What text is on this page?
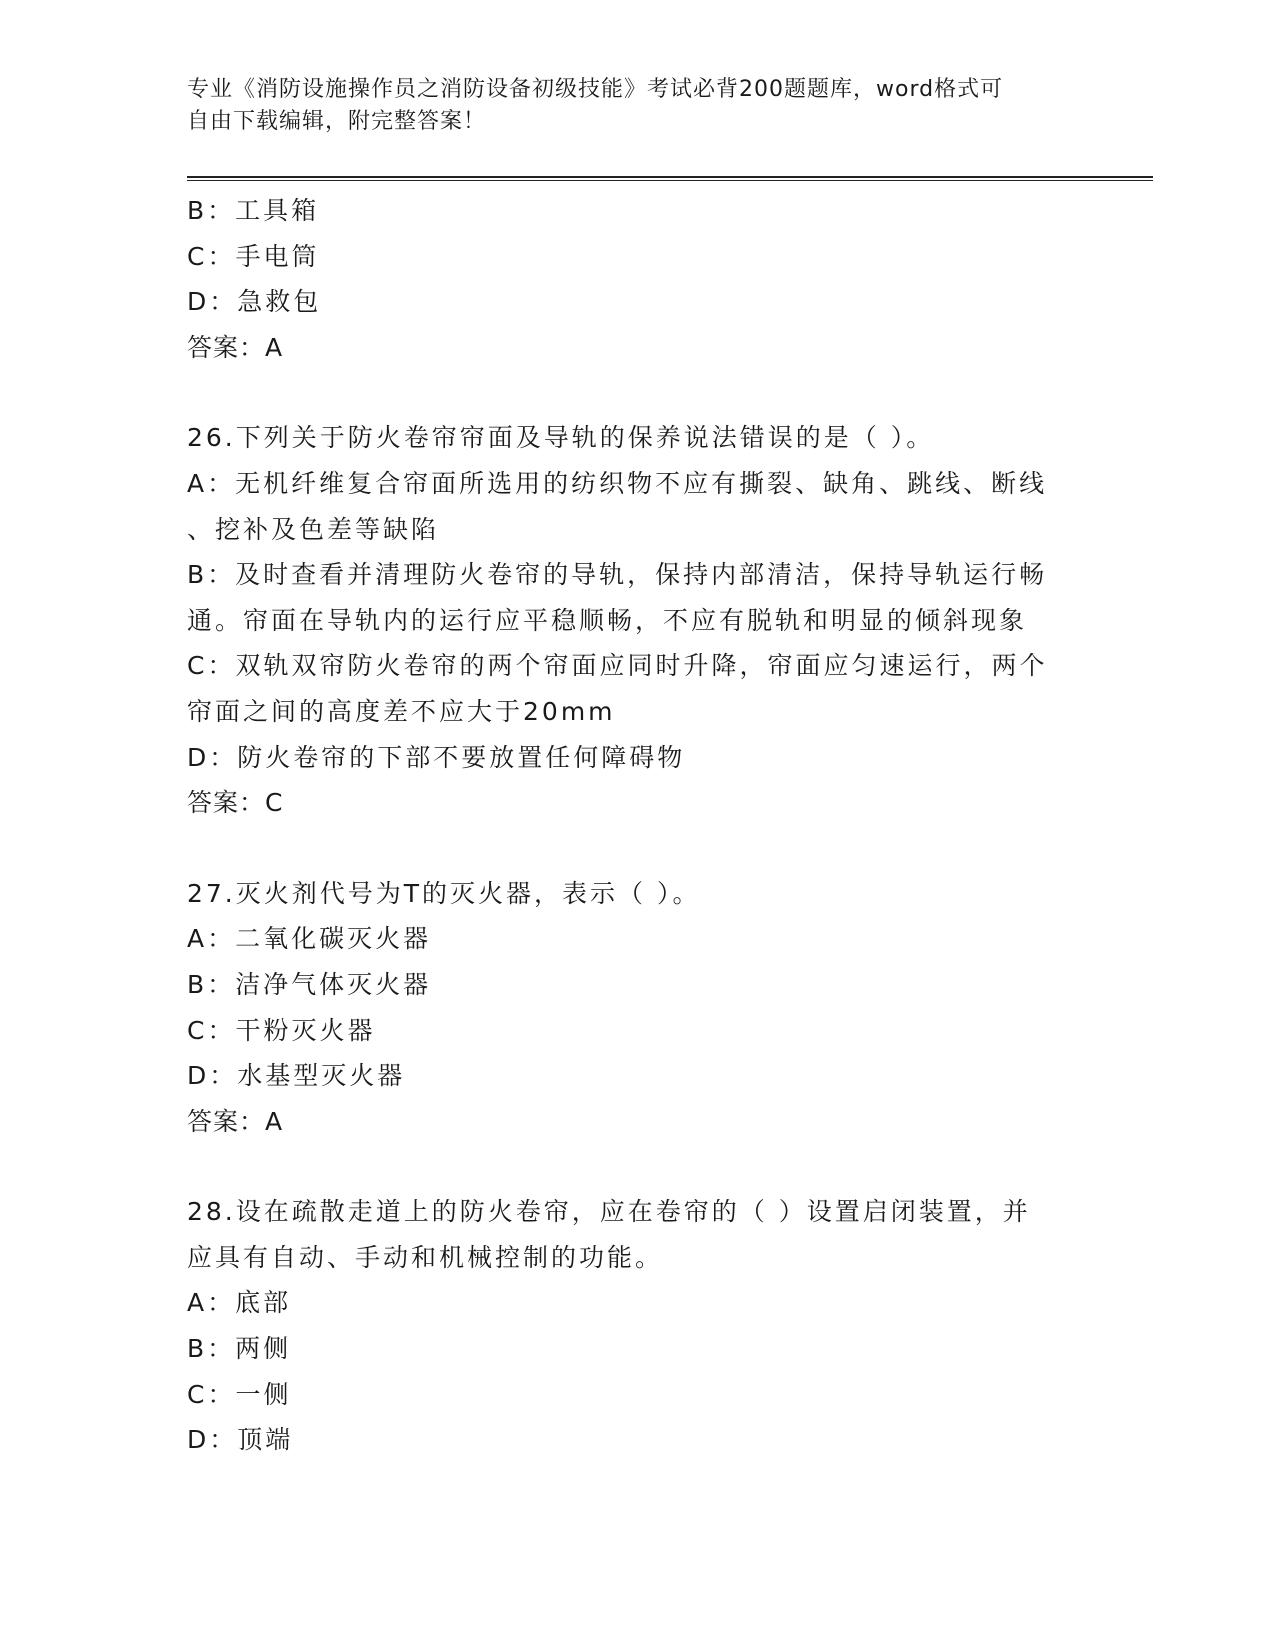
专业《消防设施操作员之消防设备初级技能》考试必背200题题库，word格式可
自由下载编辑，附完整答案！

B：工具箱

C：手电筒

D：急救包

答案：A

26.下列关于防火卷帘帘面及导轨的保养说法错误的是（ ）。

A：无机纤维复合帘面所选用的纺织物不应有撕裂、缺角、跳线、断线

、挖补及色差等缺陷

B：及时查看并清理防火卷帘的导轨，保持内部清洁，保持导轨运行畅

通。帘面在导轨内的运行应平稳顺畅，不应有脱轨和明显的倾斜现象

C：双轨双帘防火卷帘的两个帘面应同时升降，帘面应匀速运行，两个

帘面之间的高度差不应大于20mm

D：防火卷帘的下部不要放置任何障碍物

答案：C

27.灭火剂代号为T的灭火器，表示（ ）。

A：二氧化碳灭火器

B：洁净气体灭火器

C：干粉灭火器

D：水基型灭火器

答案：A

28.设在疏散走道上的防火卷帘，应在卷帘的（ ）设置启闭装置，并

应具有自动、手动和机械控制的功能。

A：底部

B：两侧

C：一侧

D：顶端
